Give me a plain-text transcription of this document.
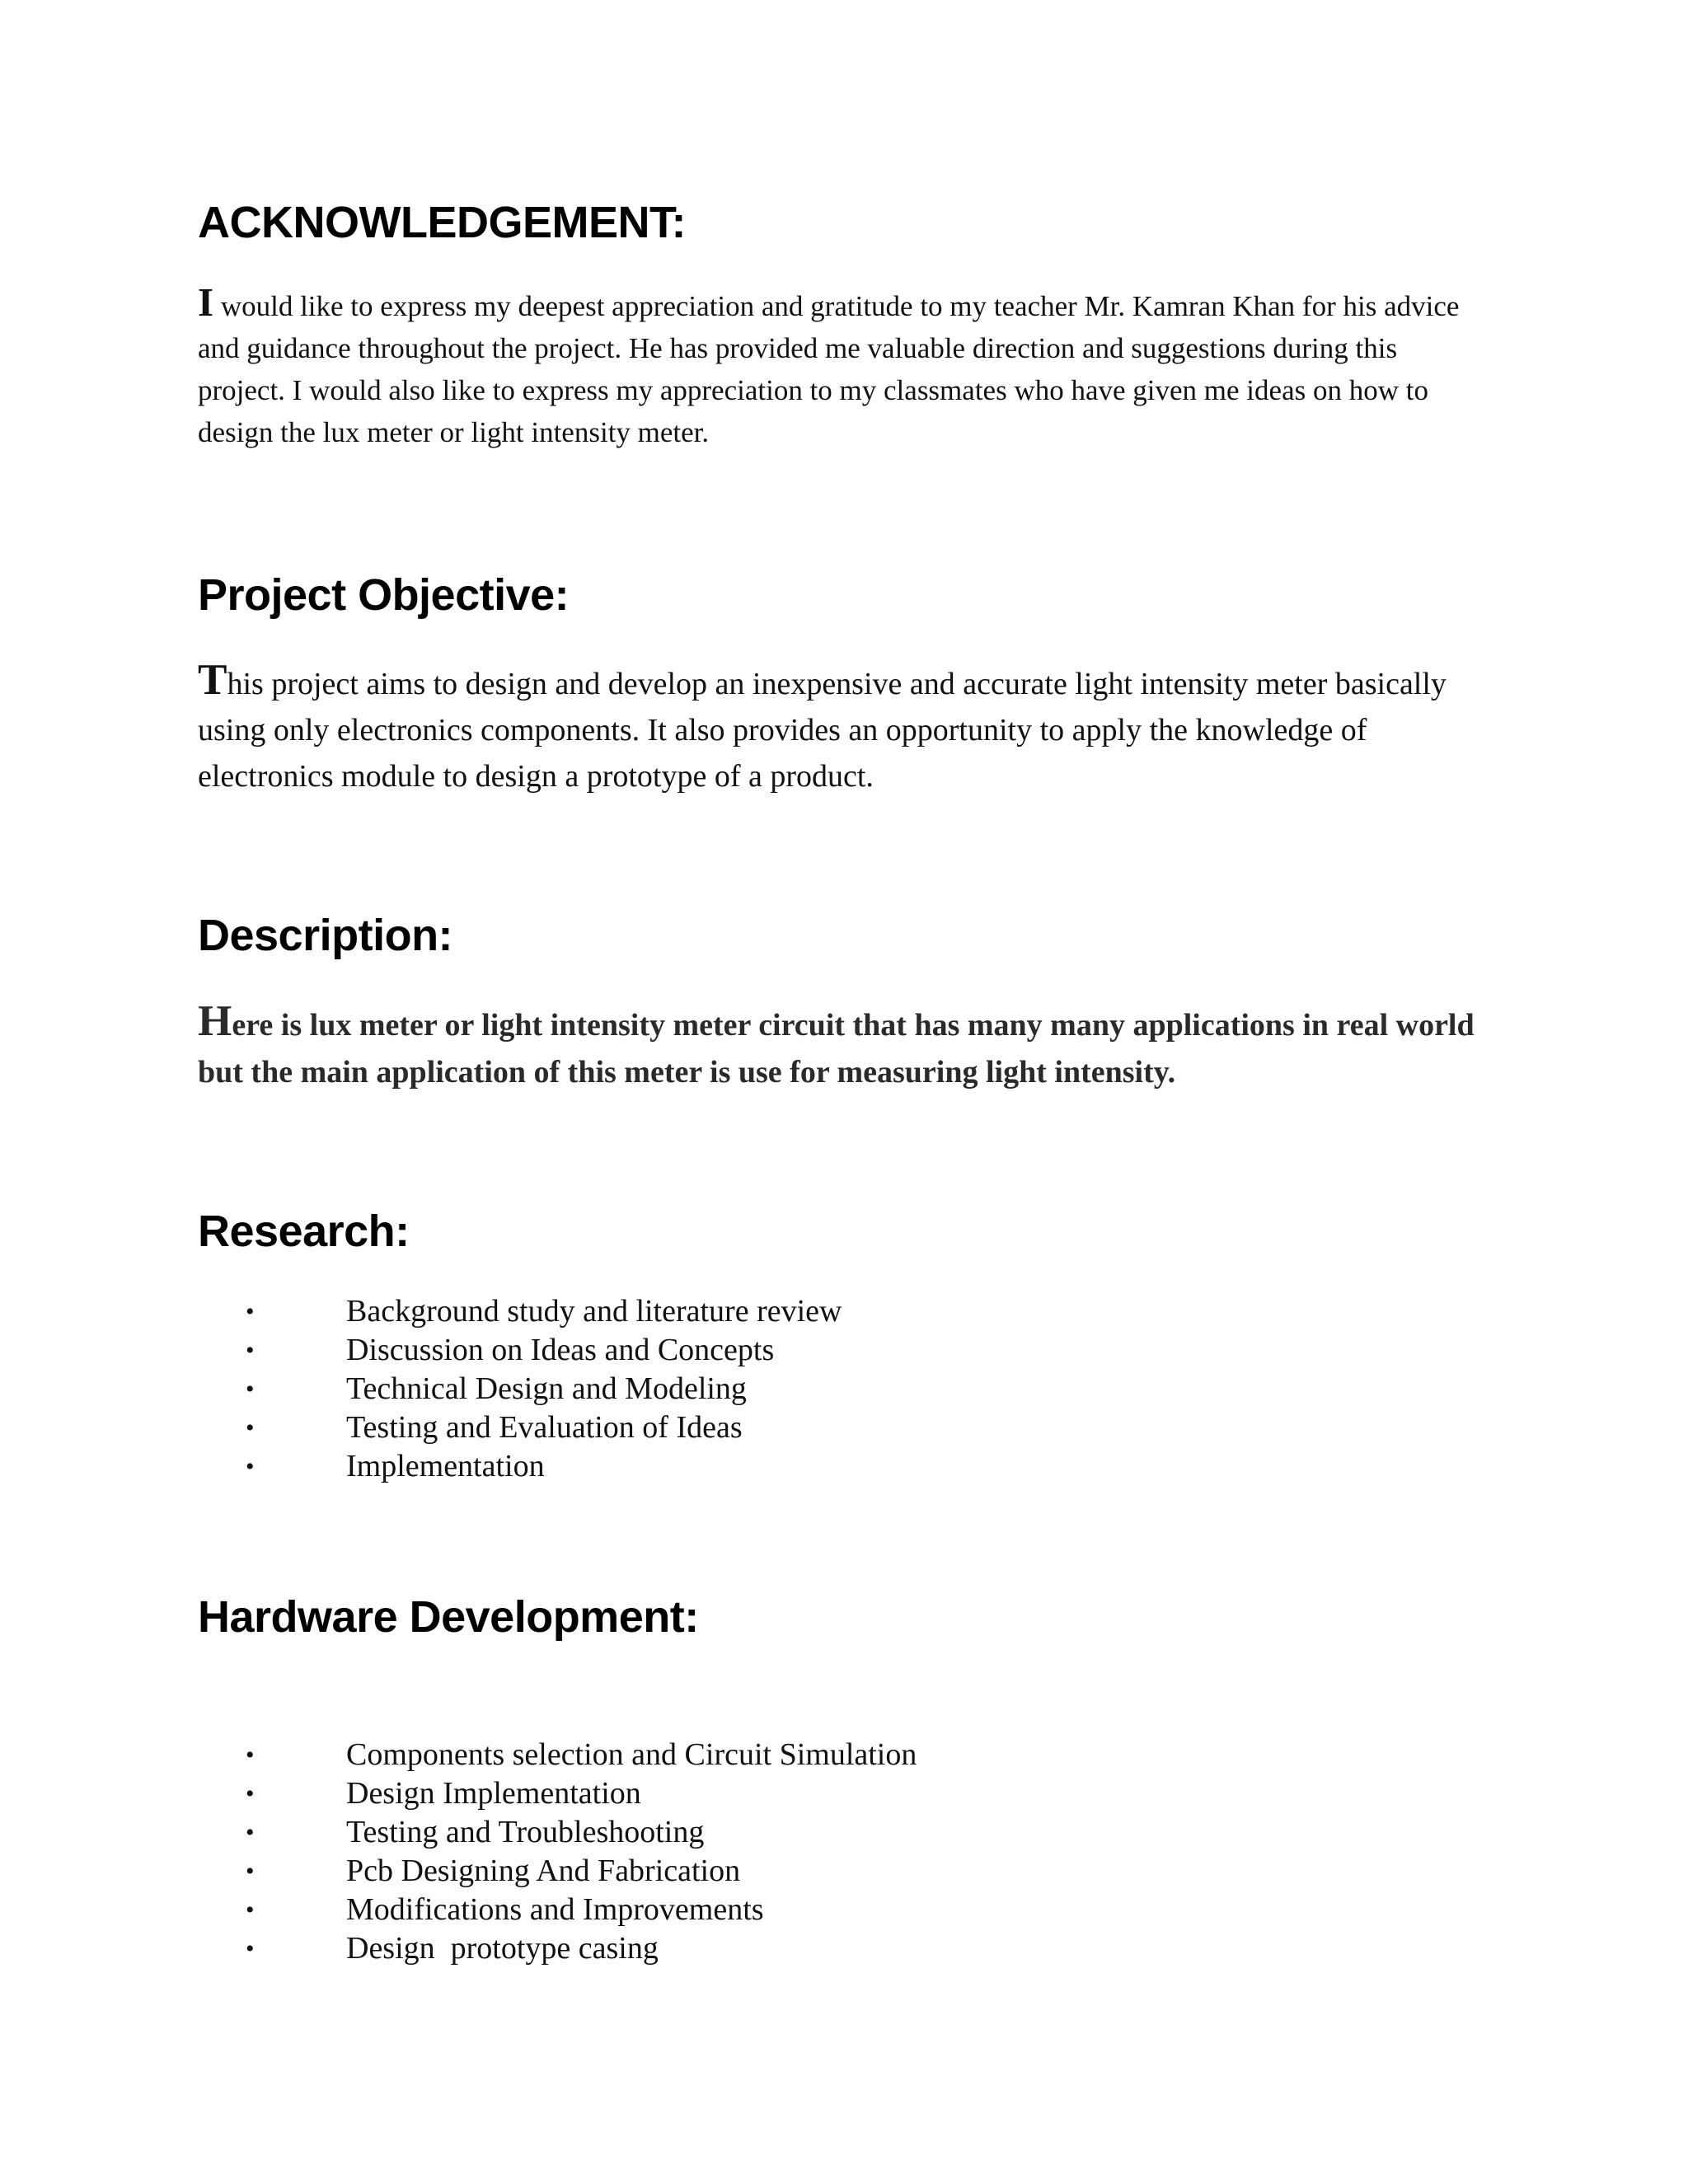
ACKNOWLEDGEMENT:

I would like to express my deepest appreciation and gratitude to my teacher Mr. Kamran Khan for his advice and guidance throughout the project. He has provided me valuable direction and suggestions during this project. I would also like to express my appreciation to my classmates who have given me ideas on how to design the lux meter or light intensity meter.

Project Objective:

This project aims to design and develop an inexpensive and accurate light intensity meter basically using only electronics components. It also provides an opportunity to apply the knowledge of electronics module to design a prototype of a product.

Description:

Here is lux meter or light intensity meter circuit that has many many applications in real world but the main application of this meter is use for measuring light intensity.

Research:
•	Background study and literature review
•	Discussion on Ideas and Concepts
•	Technical Design and Modeling
•	Testing and Evaluation of Ideas
•	Implementation
Hardware Development:
•	Components selection and Circuit Simulation
•	Design Implementation
•	Testing and Troubleshooting
•	Pcb Designing And Fabrication
•	Modifications and Improvements
•	Design  prototype casing
